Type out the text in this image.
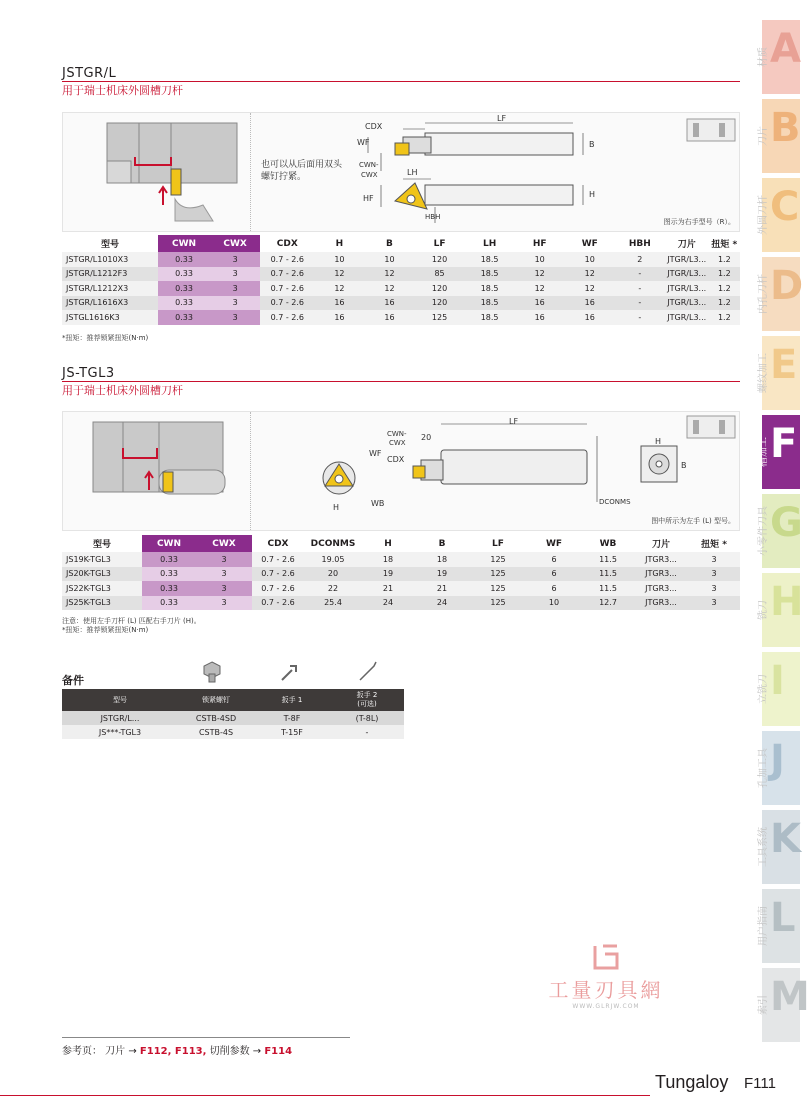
JSTGR/L
用于瑞士机床外圆槽刀杆
也可以从后面用双头
螺钉拧紧。
CDX
LF
WF
CWN-
CWX	LH
B
HF	H
HBH
图示为右手型号（R）。
型号	CWN	CWX	CDX	H	B	LF	LH	HF	WF	HBH	刀片	扭矩 *
JSTGR/L1010X3	0.33	3	0.7 - 2.6	10	10	120	18.5	10	10	2	JTGR/L3...	1.2
JSTGR/L1212F3	0.33	3	0.7 - 2.6	12	12	85	18.5	12	12	-	JTGR/L3...	1.2
JSTGR/L1212X3	0.33	3	0.7 - 2.6	12	12	120	18.5	12	12	-	JTGR/L3...	1.2
JSTGR/L1616X3	0.33	3	0.7 - 2.6	16	16	120	18.5	16	16	-	JTGR/L3...	1.2
JSTGL1616K3	0.33	3	0.7 - 2.6	16	16	125	18.5	16	16	-	JTGR/L3...	1.2
*扭矩：推荐锁紧扭矩(N·m)
JS-TGL3
用于瑞士机床外圆槽刀杆
LF
CWN-
CWX
20
WF
CDX
WB
H
DCONMS
H
B
图中所示为左手 (L) 型号。
型号	CWN	CWX	CDX	DCONMS	H	B	LF	WF	WB	刀片	扭矩 *
JS19K-TGL3	0.33	3	0.7 - 2.6	19.05	18	18	125	6	11.5	JTGR3...	3
JS20K-TGL3	0.33	3	0.7 - 2.6	20	19	19	125	6	11.5	JTGR3...	3
JS22K-TGL3	0.33	3	0.7 - 2.6	22	21	21	125	6	11.5	JTGR3...	3
JS25K-TGL3	0.33	3	0.7 - 2.6	25.4	24	24	125	10	12.7	JTGR3...	3
注意：使用左手刀杆 (L) 匹配右手刀片 (H)。
*扭矩：推荐锁紧扭矩(N·m)
备件
型号	锁紧螺钉	扳手 1	扳手 2
(可选)
JSTGR/L...	CSTB-4SD	T-8F	(T-8L)
JS***-TGL3	CSTB-4S	T-15F	-
工量刃具網
WWW.GLRJW.COM
A
材质
B
刀片
C
外圆刀杆
D
内孔刀杆
E
螺纹加工
F
槽加工
G
小零件刀具
H
铣刀
I
立铣刀
J
孔加工具
K
工具系统
L
用户指南
M
索引
参考页： 刀片 → F112, F113, 切削参数 → F114
Tungaloy F111
